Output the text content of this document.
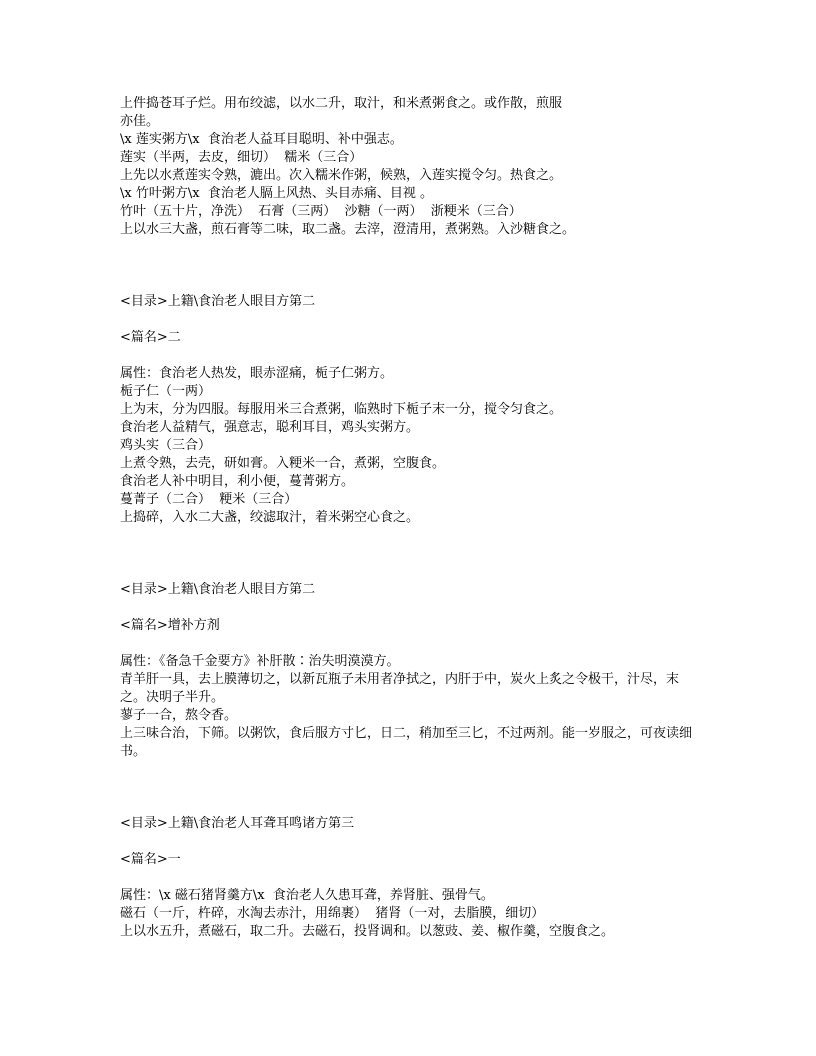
上件捣苍耳子烂。用布绞滤，以水二升，取汁，和米煮粥食之。或作散，煎服
亦佳。
\x 莲实粥方\x  食治老人益耳目聪明、补中强志。
莲实（半两，去皮，细切）  糯米（三合）
上先以水煮莲实令熟，漉出。次入糯米作粥，候熟，入莲实搅令匀。热食之。
\x 竹叶粥方\x  食治老人膈上风热、头目赤痛、目视 。
竹叶（五十片，净洗）  石膏（三两）  沙糖（一两）  浙粳米（三合）
上以水三大盏，煎石膏等二味，取二盏。去滓，澄清用，煮粥熟。入沙糖食之。
<目录>上籍\食治老人眼目方第二
<篇名>二
属性：食治老人热发，眼赤涩痛，栀子仁粥方。
栀子仁（一两）
上为末，分为四服。每服用米三合煮粥，临熟时下栀子末一分，搅令匀食之。
食治老人益精气，强意志，聪利耳目，鸡头实粥方。
鸡头实（三合）
上煮令熟，去壳，研如膏。入粳米一合，煮粥，空腹食。
食治老人补中明目，利小便，蔓菁粥方。
蔓菁子（二合）  粳米（三合）
上捣碎，入水二大盏，绞滤取汁，着米粥空心食之。
<目录>上籍\食治老人眼目方第二
<篇名>增补方剂
属性：《备急千金要方》补肝散∶治失明漠漠方。
青羊肝一具，去上膜薄切之，以新瓦瓶子未用者净拭之，内肝于中，炭火上炙之令极干，汁尽，末之。决明子半升。
蓼子一合，熬令香。
上三味合治，下筛。以粥饮，食后服方寸匕，日二，稍加至三匕，不过两剂。能一岁服之，可夜读细书。
<目录>上籍\食治老人耳聋耳鸣诸方第三
<篇名>一
属性：\x 磁石猪肾羹方\x  食治老人久患耳聋，养肾脏、强骨气。
磁石（一斤，杵碎，水淘去赤汁，用绵裹）  猪肾（一对，去脂膜，细切）
上以水五升，煮磁石，取二升。去磁石，投肾调和。以葱豉、姜、椒作羹，空腹食之。
